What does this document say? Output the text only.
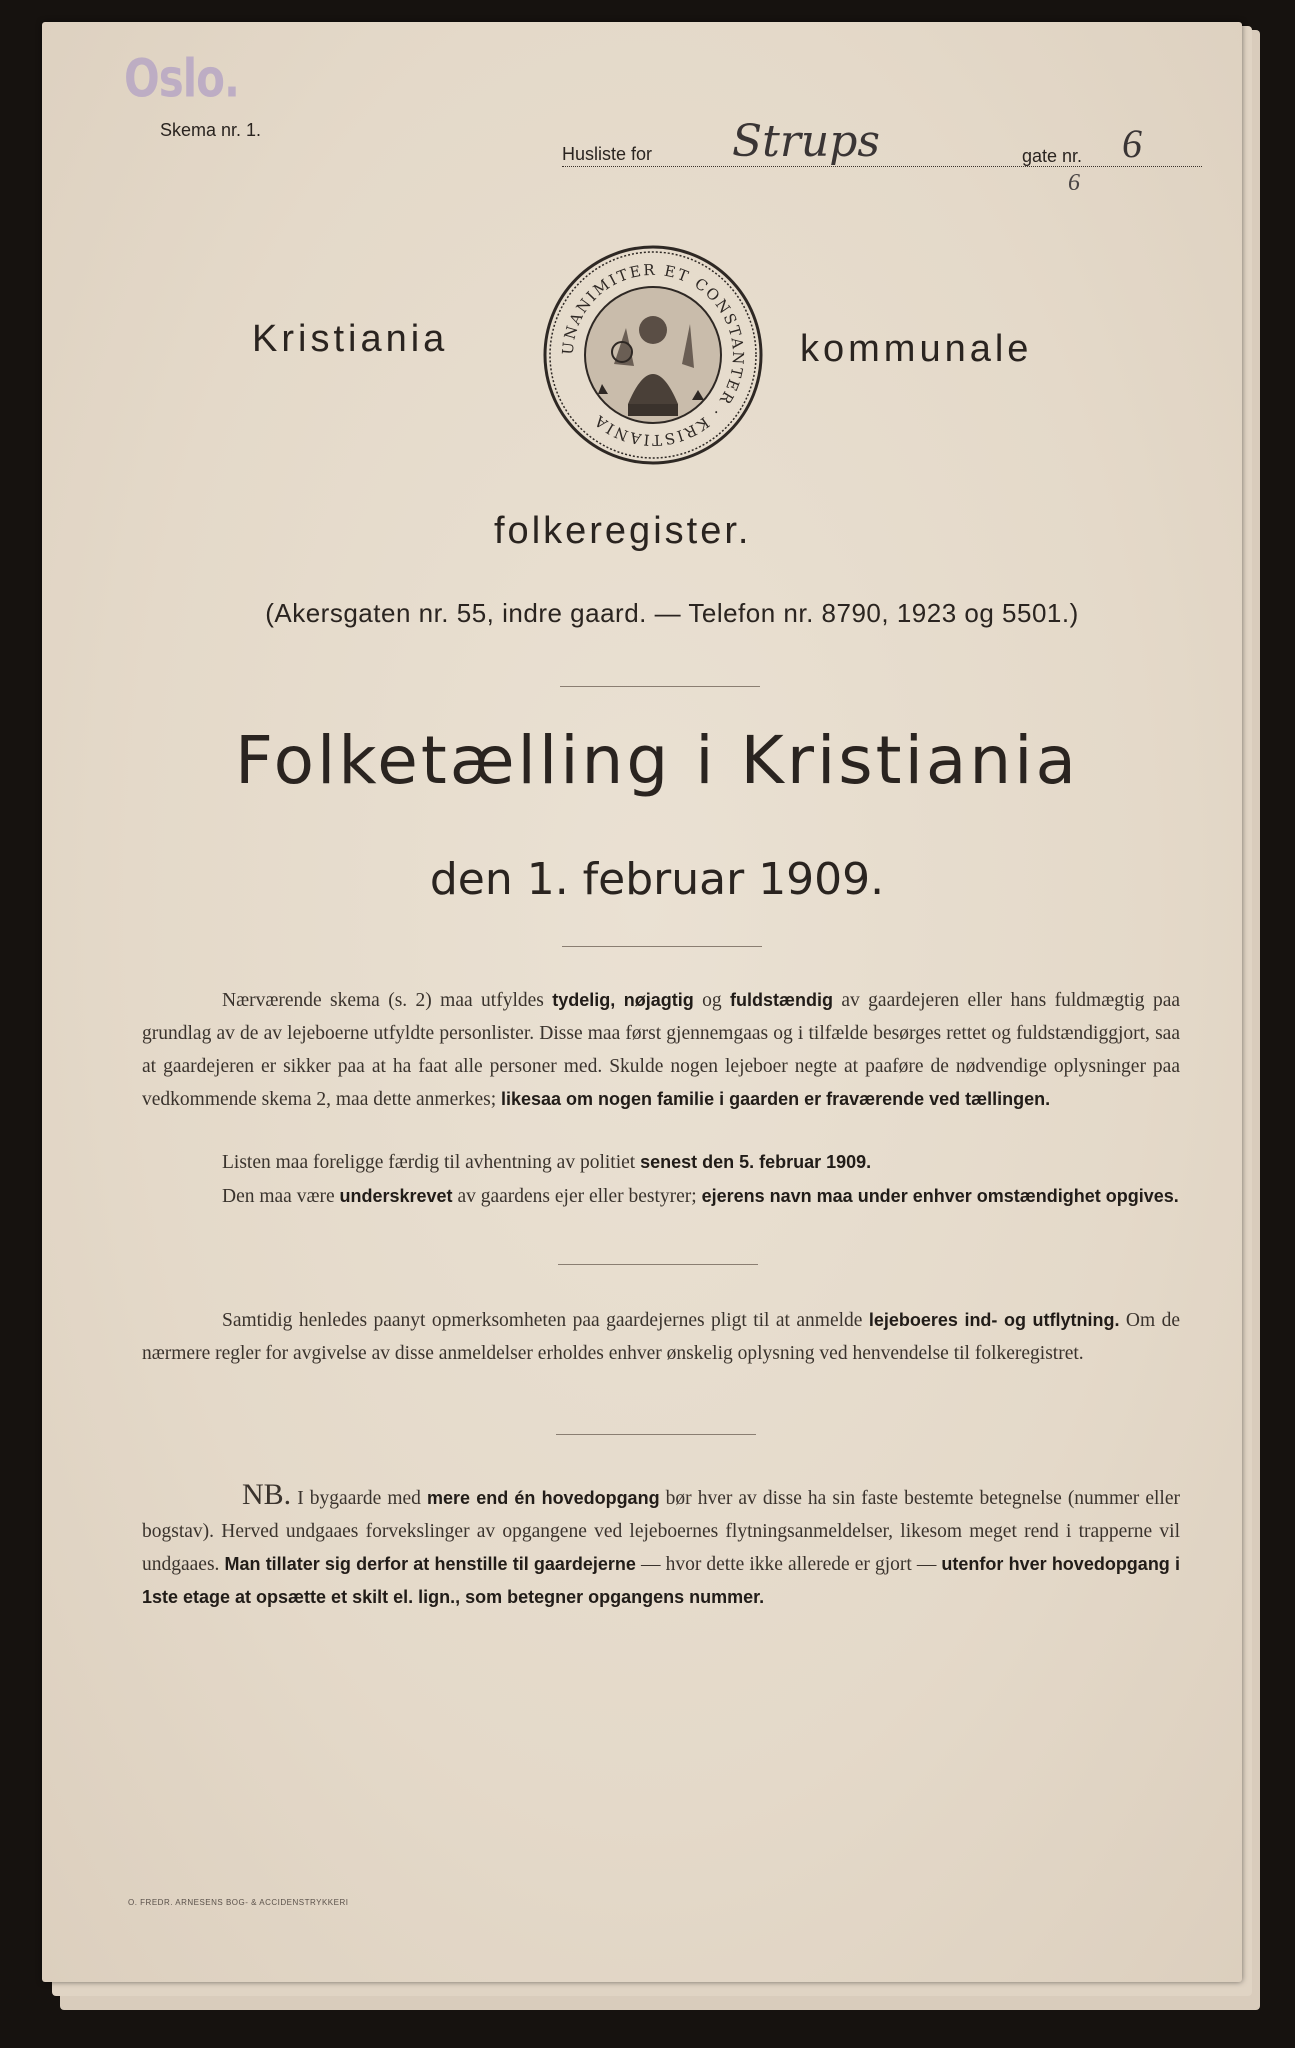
Oslo.
Skema nr. 1.
Husliste for Strups	gate nr. 6
6
Kristiania	UNANIMITER ET CONSTANTER · KRISTIANIA
kommunale
folkeregister.
(Akersgaten nr. 55, indre gaard. — Telefon nr. 8790, 1923 og 5501.)
Folketælling i Kristiania
den 1. februar 1909.
Nærværende skema (s. 2) maa utfyldes tydelig, nøjagtig og fuldstændig av gaardejeren eller hans fuldmægtig paa grundlag av de av lejeboerne utfyldte personlister. Disse maa først gjennemgaas og i tilfælde besørges rettet og fuldstændiggjort, saa at gaardejeren er sikker paa at ha faat alle personer med. Skulde nogen lejeboer negte at paaføre de nødvendige oplysninger paa vedkommende skema 2, maa dette anmerkes; likesaa om nogen familie i gaarden er fraværende ved tællingen.
Listen maa foreligge færdig til avhentning av politiet senest den 5. februar 1909.
Den maa være underskrevet av gaardens ejer eller bestyrer; ejerens navn maa under enhver omstændighet opgives.
Samtidig henledes paanyt opmerksomheten paa gaardejernes pligt til at anmelde lejeboeres ind- og utflytning. Om de nærmere regler for avgivelse av disse anmeldelser erholdes enhver ønskelig oplysning ved henvendelse til folkeregistret.
NB. I bygaarde med mere end én hovedopgang bør hver av disse ha sin faste bestemte betegnelse (nummer eller bogstav). Herved undgaaes forvekslinger av opgangene ved lejeboernes flytningsanmeldelser, likesom meget rend i trapperne vil undgaaes. Man tillater sig derfor at henstille til gaardejerne — hvor dette ikke allerede er gjort — utenfor hver hovedopgang i 1ste etage at opsætte et skilt el. lign., som betegner opgangens nummer.
O. FREDR. ARNESENS BOG- & ACCIDENSTRYKKERI
